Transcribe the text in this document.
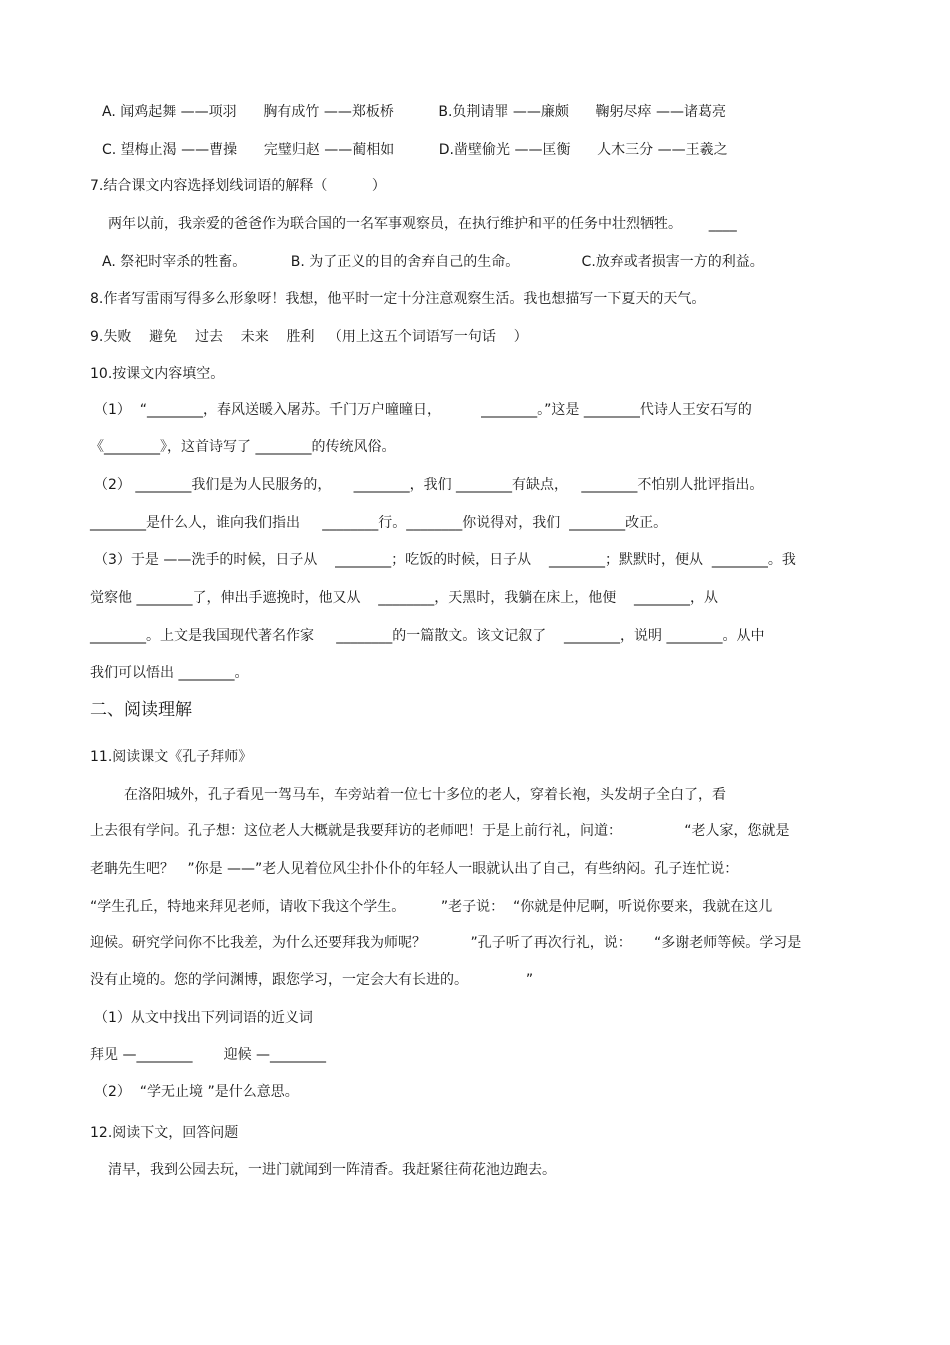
A. 闻鸡起舞 ——项羽      胸有成竹 ——郑板桥          B.负荆请罪 ——廉颇      鞠躬尽瘁 ——诸葛亮
C. 望梅止渴 ——曹操      完璧归赵 ——蔺相如          D.凿壁偷光 ——匡衡      人木三分 ——王羲之
7.结合课文内容选择划线词语的解释（          ）
两年以前，我亲爱的爸爸作为联合国的一名军事观察员，在执行维护和平的任务中壮烈牺牲。      ____
A. 祭祀时宰杀的牲畜。          B. 为了正义的目的舍弃自己的生命。              C.放弃或者损害一方的利益。
8.作者写雷雨写得多么形象呀！我想，他平时一定十分注意观察生活。我也想描写一下夏天的天气。
9.失败    避免    过去    未来    胜利   （用上这五个词语写一句话    ）
10.按课文内容填空。
（1）  “________，春风送暖入屠苏。千门万户曈曈日，         ________。”这是 ________代诗人王安石写的
《________》，这首诗写了 ________的传统风俗。
（2） ________我们是为人民服务的，     ________，我们 ________有缺点，   ________不怕别人批评指出。
________是什么人，谁向我们指出     ________行。________你说得对，我们  ________改正。
（3）于是 ——洗手的时候，日子从    ________；吃饭的时候，日子从    ________；默默时，便从  ________。我
觉察他 ________了，伸出手遮挽时，他又从    ________，天黑时，我躺在床上，他便    ________，从
________。上文是我国现代著名作家     ________的一篇散文。该文记叙了    ________，说明 ________。从中
我们可以悟出 ________。
二、阅读理解
11.阅读课文《孔子拜师》
在洛阳城外，孔子看见一驾马车，车旁站着一位七十多位的老人，穿着长袍，头发胡子全白了，看
上去很有学问。孔子想：这位老人大概就是我要拜访的老师吧！于是上前行礼，问道：              “老人家，您就是
老聃先生吧？   ”你是 ——”老人见着位风尘扑仆仆的年轻人一眼就认出了自己，有些纳闷。孔子连忙说：
“学生孔丘，特地来拜见老师，请收下我这个学生。        ”老子说：  “你就是仲尼啊，听说你要来，我就在这儿
迎候。研究学问你不比我差，为什么还要拜我为师呢？          ”孔子听了再次行礼，说：     “多谢老师等候。学习是
没有止境的。您的学问渊博，跟您学习，一定会大有长进的。             ”
（1）从文中找出下列词语的近义词
拜见 —________       迎候 —________
（2）  “学无止境 ”是什么意思。
12.阅读下文，回答问题
清早，我到公园去玩，一进门就闻到一阵清香。我赶紧往荷花池边跑去。
